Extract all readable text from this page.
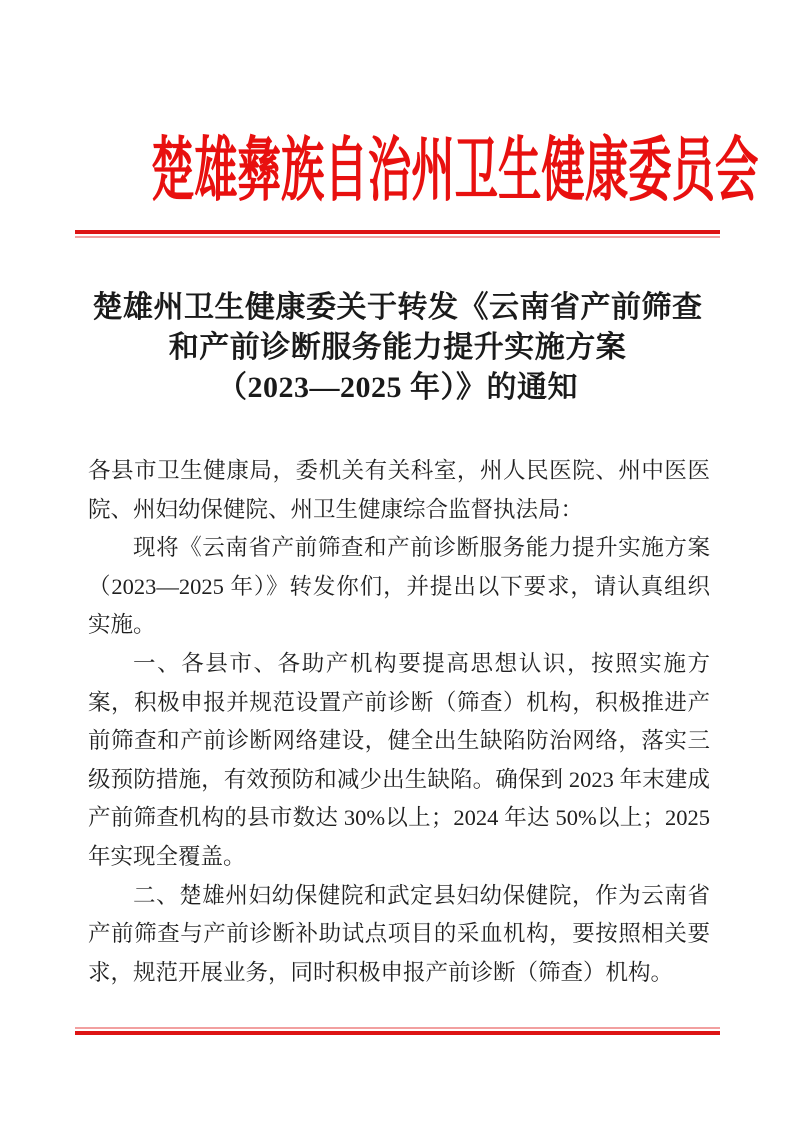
楚雄彝族自治州卫生健康委员会
楚雄州卫生健康委关于转发《云南省产前筛查
和产前诊断服务能力提升实施方案
（2023—2025 年）》的通知

各县市卫生健康局，委机关有关科室，州人民医院、州中医医院、州妇幼保健院、州卫生健康综合监督执法局：

现将《云南省产前筛查和产前诊断服务能力提升实施方案（2023—2025 年）》转发你们，并提出以下要求，请认真组织实施。

一、各县市、各助产机构要提高思想认识，按照实施方案，积极申报并规范设置产前诊断（筛查）机构，积极推进产前筛查和产前诊断网络建设，健全出生缺陷防治网络，落实三级预防措施，有效预防和减少出生缺陷。确保到 2023 年末建成产前筛查机构的县市数达 30%以上；2024 年达 50%以上；2025 年实现全覆盖。

二、楚雄州妇幼保健院和武定县妇幼保健院，作为云南省产前筛查与产前诊断补助试点项目的采血机构，要按照相关要求，规范开展业务，同时积极申报产前诊断（筛查）机构。
